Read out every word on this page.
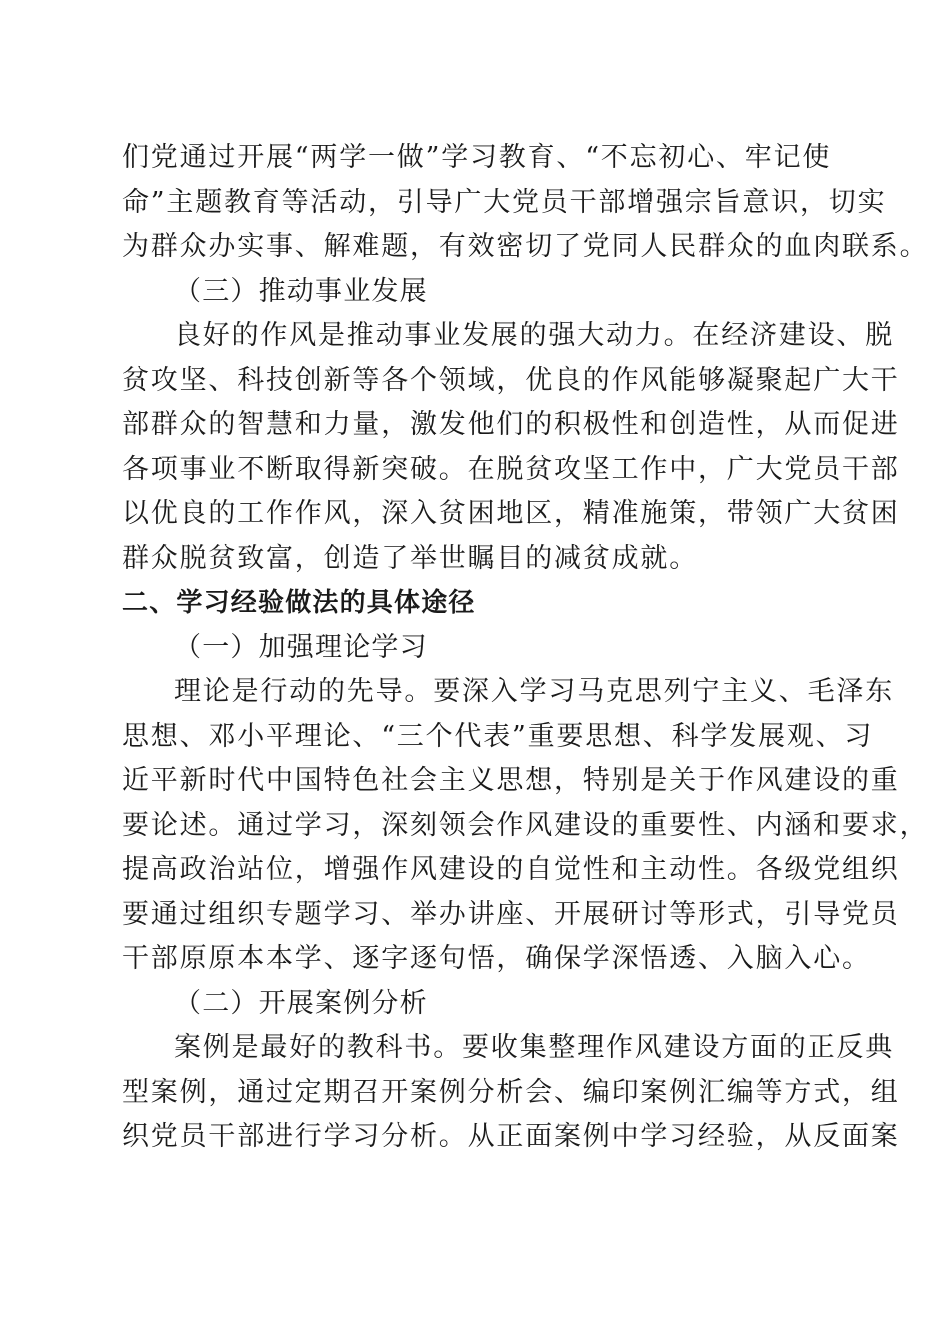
们党通过开展“两学一做”学习教育、“不忘初心、牢记使
命”主题教育等活动，引导广大党员干部增强宗旨意识，切实
为群众办实事、解难题，有效密切了党同人民群众的血肉联系。
（三）推动事业发展
良好的作风是推动事业发展的强大动力。在经济建设、脱
贫攻坚、科技创新等各个领域，优良的作风能够凝聚起广大干
部群众的智慧和力量，激发他们的积极性和创造性，从而促进
各项事业不断取得新突破。在脱贫攻坚工作中，广大党员干部
以优良的工作作风，深入贫困地区，精准施策，带领广大贫困
群众脱贫致富，创造了举世瞩目的减贫成就。
二、学习经验做法的具体途径
（一）加强理论学习
理论是行动的先导。要深入学习马克思列宁主义、毛泽东
思想、邓小平理论、“三个代表”重要思想、科学发展观、习
近平新时代中国特色社会主义思想，特别是关于作风建设的重
要论述。通过学习，深刻领会作风建设的重要性、内涵和要求，
提高政治站位，增强作风建设的自觉性和主动性。各级党组织
要通过组织专题学习、举办讲座、开展研讨等形式，引导党员
干部原原本本学、逐字逐句悟，确保学深悟透、入脑入心。
（二）开展案例分析
案例是最好的教科书。要收集整理作风建设方面的正反典
型案例，通过定期召开案例分析会、编印案例汇编等方式，组
织党员干部进行学习分析。从正面案例中学习经验，从反面案
